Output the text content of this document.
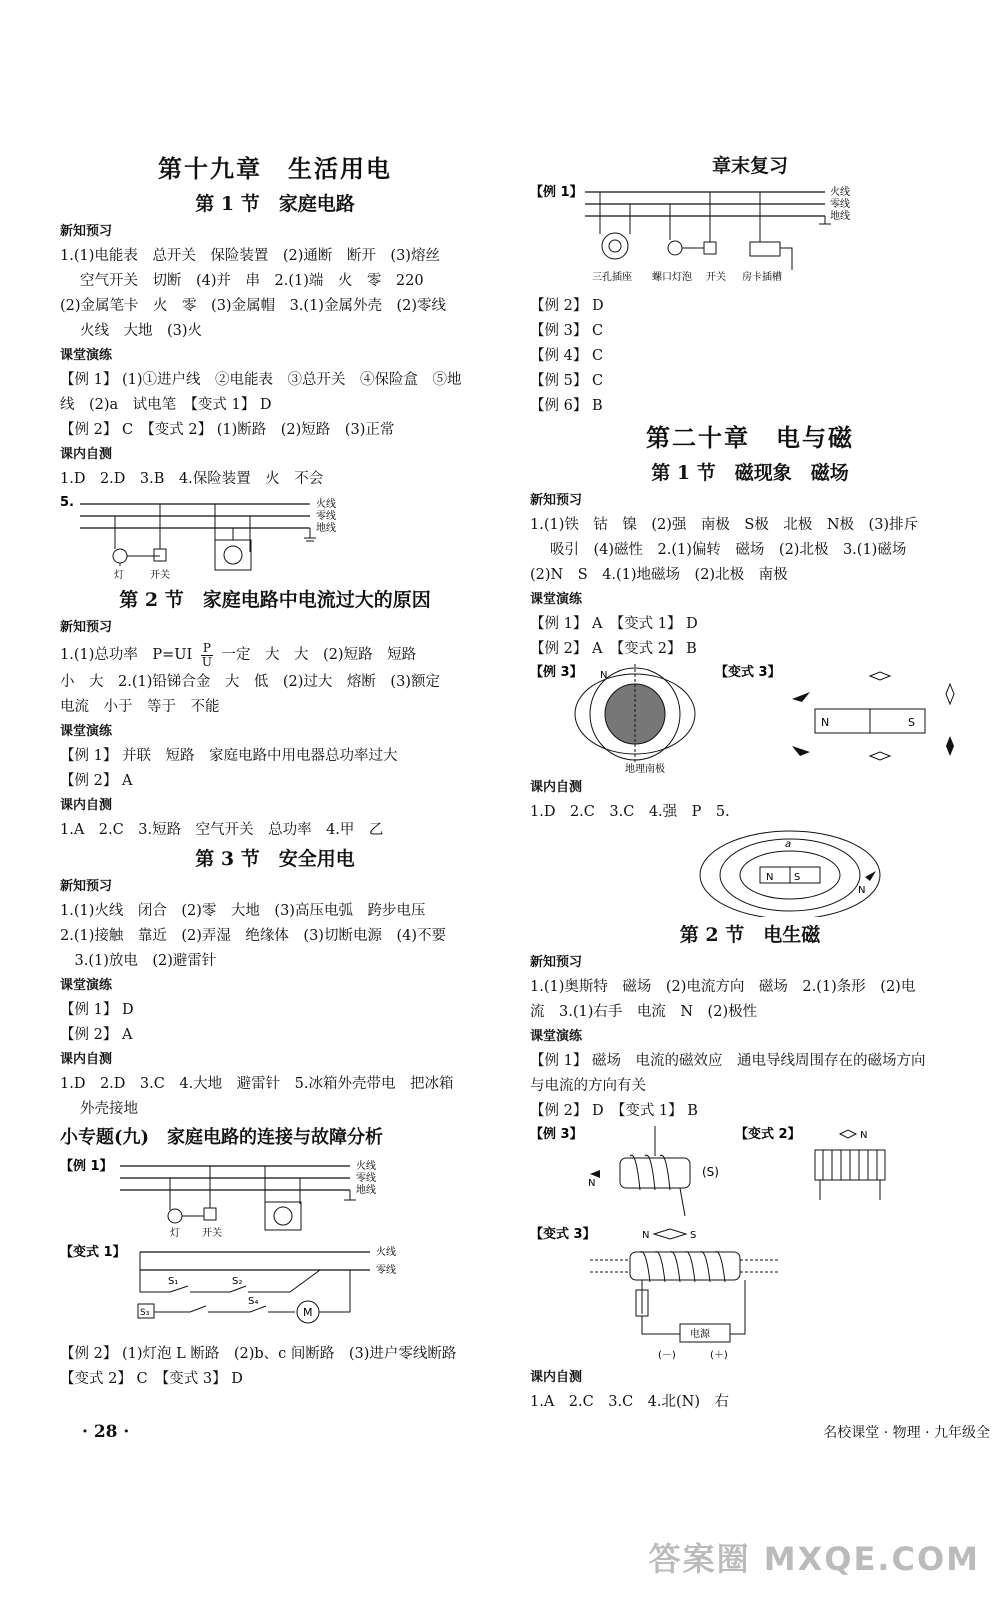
第十九章　生活用电
第 1 节　家庭电路
新知预习
1.(1)电能表　总开关　保险装置　(2)通断　断开　(3)熔丝
空气开关　切断　(4)并　串　2.(1)端　火　零　220
(2)金属笔卡　火　零　(3)金属帽　3.(1)金属外壳　(2)零线
火线　大地　(3)火
课堂演练
【例 1】 (1)①进户线　②电能表　③总开关　④保险盒　⑤地
线　(2)a　试电笔　【变式 1】 D
【例 2】 C　【变式 2】 (1)断路　(2)短路　(3)正常
课内自测
1.D　2.D　3.B　4.保险装置　火　不会
5.	火线
零线
地线
灯	开关
第 2 节　家庭电路中电流过大的原因
新知预习
1.(1)总功率　$P=UI \frac{P}{U}$ 一定　大　大　(2)短路　短路
小　大　2.(1)铅锑合金　大　低　(2)过大　熔断　(3)额定
电流　小于　等于　不能
课堂演练
【例 1】 并联　短路　家庭电路中用电器总功率过大
【例 2】 A
课内自测
1.A　2.C　3.短路　空气开关　总功率　4.甲　乙
第 3 节　安全用电
新知预习
1.(1)火线　闭合　(2)零　大地　(3)高压电弧　跨步电压
2.(1)接触　靠近　(2)弄湿　绝缘体　(3)切断电源　(4)不要
　3.(1)放电　(2)避雷针
课堂演练
【例 1】 D
【例 2】 A
课内自测
1.D　2.D　3.C　4.大地　避雷针　5.冰箱外壳带电　把冰箱
外壳接地
小专题(九)　家庭电路的连接与故障分析
【例 1】	火线
零线
地线
灯 开关
【变式 1】	火线
零线
S₁	S₂
S₃
S₄
M
【例 2】 (1)灯泡 L 断路　(2)b、c 间断路　(3)进户零线断路
【变式 2】 C　【变式 3】 D
章末复习
【例 1】	火线
零线
地线
三孔插座 螺口灯泡 开关 房卡插槽
【例 2】 D
【例 3】 C
【例 4】 C
【例 5】 C
【例 6】 B
第二十章　电与磁
第 1 节　磁现象　磁场
新知预习
1.(1)铁　钴　镍　(2)强　南极　S极　北极　N极　(3)排斥
吸引　(4)磁性　2.(1)偏转　磁场　(2)北极　3.(1)磁场
(2)N　S　4.(1)地磁场　(2)北极　南极
课堂演练
【例 1】 A　【变式 1】 D
【例 2】 A　【变式 2】 B
【例 3】 N
地理南极
【变式 3】
N	S
课内自测
1.D　2.C　3.C　4.强　P　5.
N S
a
N
第 2 节　电生磁
新知预习
1.(1)奥斯特　磁场　(2)电流方向　磁场　2.(1)条形　(2)电
流　3.(1)右手　电流　N　(2)极性
课堂演练
【例 1】 磁场　电流的磁效应　通电导线周围存在的磁场方向
与电流的方向有关
【例 2】 D　【变式 1】 B
【例 3】
N
(S)
【变式 2】	N
【变式 3】	N	S
电源
(－)	(＋)
课内自测
1.A　2.C　3.C　4.北(N)　右
· 28 ·	名校课堂 · 物理 · 九年级全
答案圈 MXQE.COM
